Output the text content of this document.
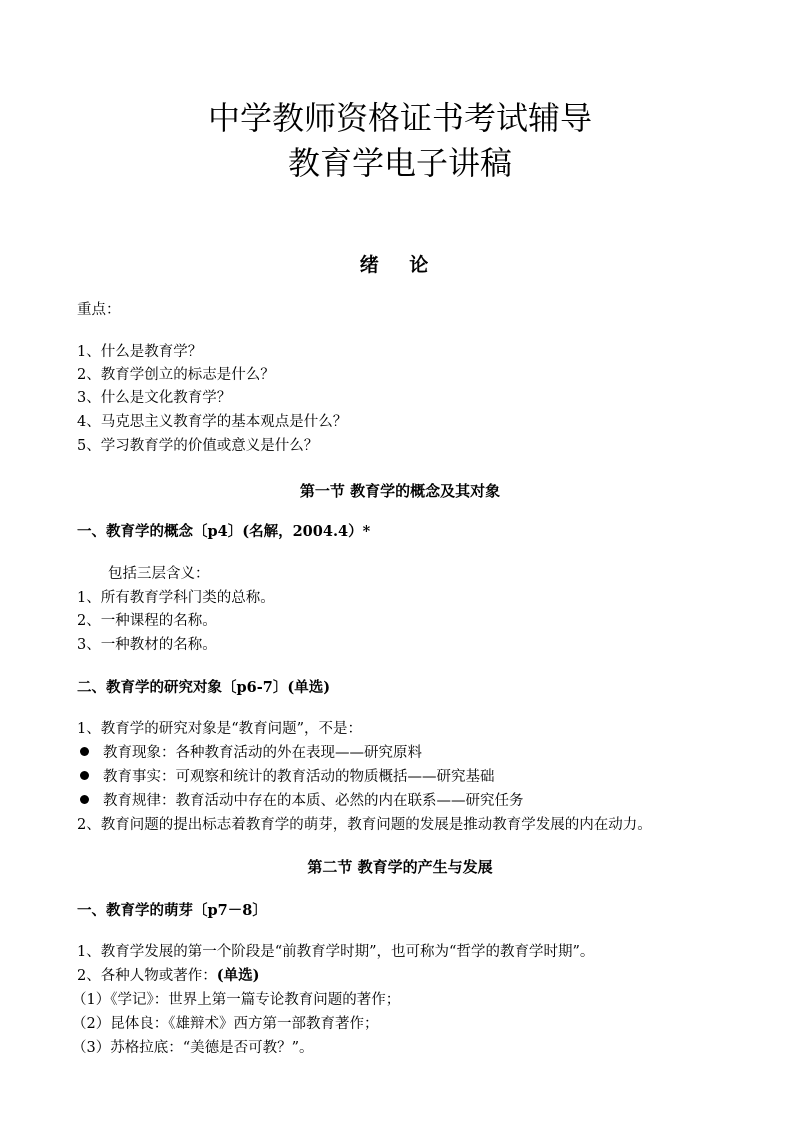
中学教师资格证书考试辅导
教育学电子讲稿
绪 论
重点：
1、什么是教育学？
2、教育学创立的标志是什么？
3、什么是文化教育学？
4、马克思主义教育学的基本观点是什么？
5、学习教育学的价值或意义是什么？
第一节 教育学的概念及其对象
一、教育学的概念〔p4〕(名解，2004.4）*
包括三层含义：
1、所有教育学科门类的总称。
2、一种课程的名称。
3、一种教材的名称。
二、教育学的研究对象〔p6-7〕(单选)
1、教育学的研究对象是“教育问题”，不是：
教育现象：各种教育活动的外在表现——研究原料
教育事实：可观察和统计的教育活动的物质概括——研究基础
教育规律：教育活动中存在的本质、必然的内在联系——研究任务
2、教育问题的提出标志着教育学的萌芽，教育问题的发展是推动教育学发展的内在动力。
第二节 教育学的产生与发展
一、教育学的萌芽〔p7－8〕
1、教育学发展的第一个阶段是“前教育学时期”，也可称为“哲学的教育学时期”。
2、各种人物或著作：(单选)
（1）《学记》：世界上第一篇专论教育问题的著作；
（2）昆体良：《雄辩术》西方第一部教育著作；
（3）苏格拉底：“美德是否可教？”。
